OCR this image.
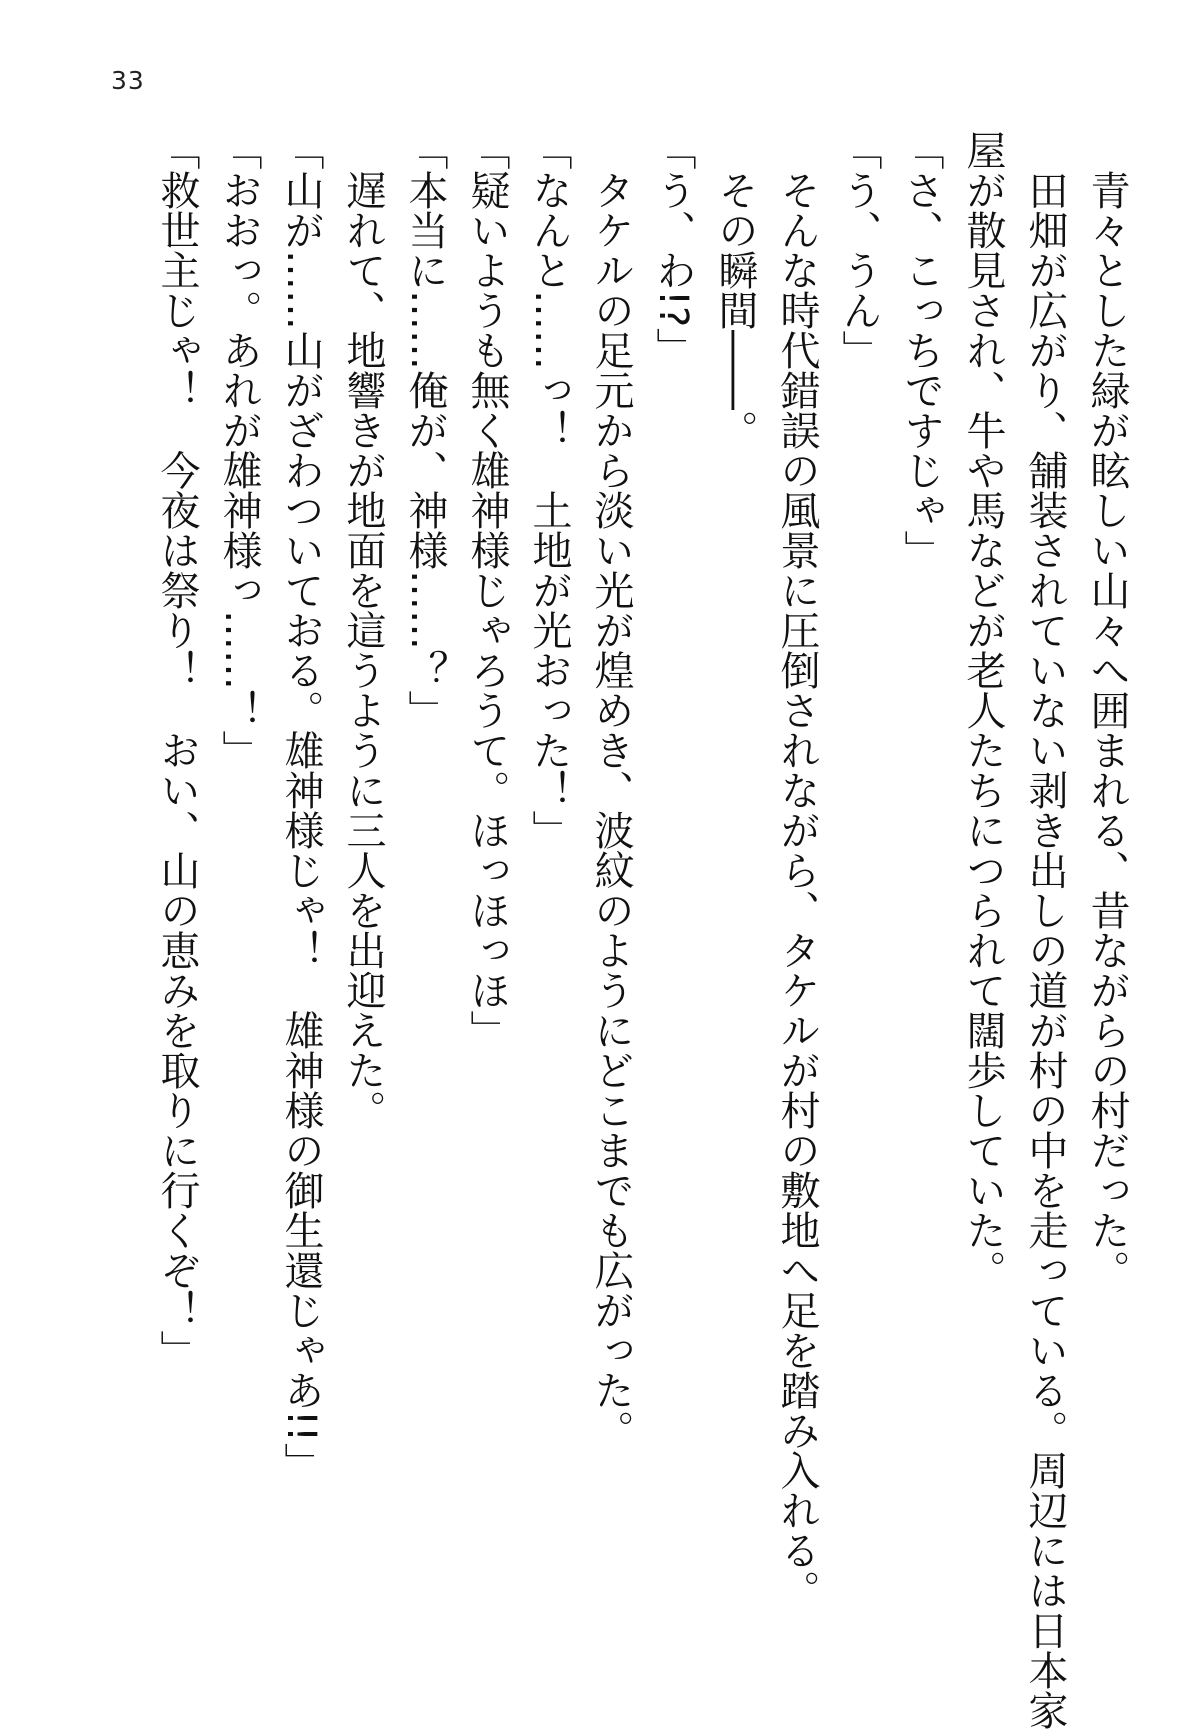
33

　青々とした緑が眩しい山々へ囲まれる、昔ながらの村だった。

　田畑が広がり、舗装されていない剥き出しの道が村の中を走っている。周辺には日本家

屋が散見され、牛や馬などが老人たちにつられて闊歩していた。

「さ、こっちですじゃ」

「う、うん」

　そんな時代錯誤の風景に圧倒されながら、タケルが村の敷地へ足を踏み入れる。

　その瞬間――。

「う、わ!?」

　タケルの足元から淡い光が煌めき、波紋のようにどこまでも広がった。

「なんと……っ！　土地が光おった！」

「疑いようも無く雄神様じゃろうて。ほっほっほ」

「本当に……俺が、神様……？」

　遅れて、地響きが地面を這うように三人を出迎えた。

「山が……山がざわついておる。雄神様じゃ！　雄神様の御生還じゃあ!!」

「おおっ。あれが雄神様っ……！」

「救世主じゃ！　今夜は祭り！　おい、山の恵みを取りに行くぞ！」
